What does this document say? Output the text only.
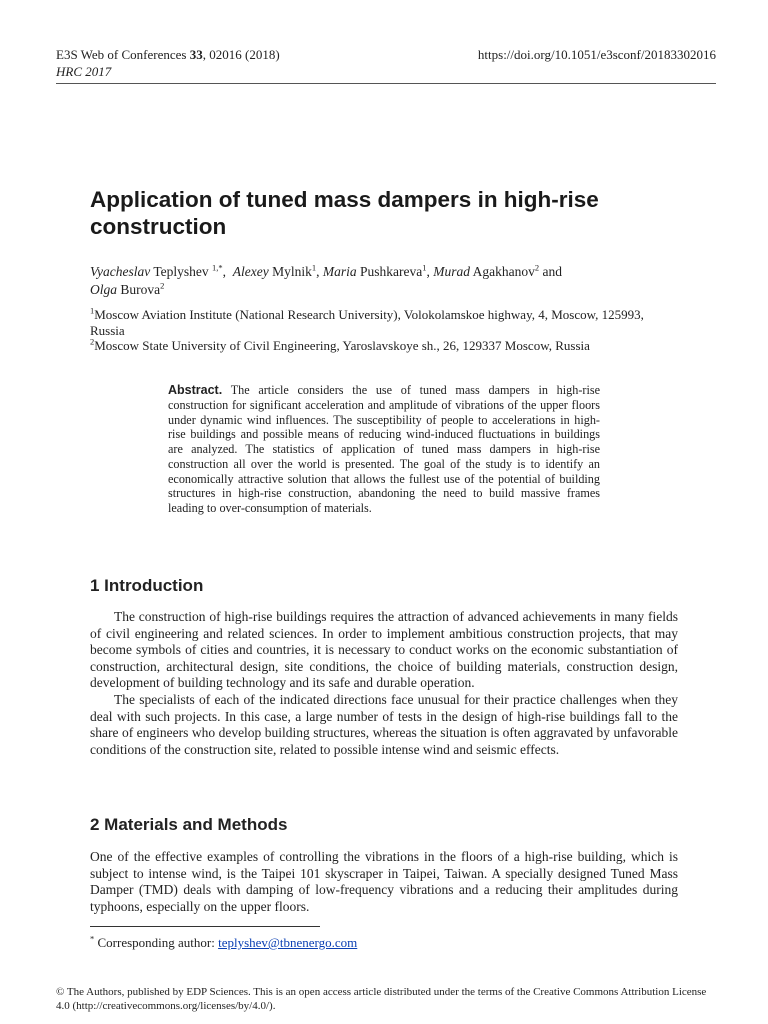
E3S Web of Conferences 33, 02016 (2018)	https://doi.org/10.1051/e3sconf/20183302016
HRC 2017
Application of tuned mass dampers in high-rise construction
Vyacheslav Teplyshev $^{1,*}$,  Alexey Mylnik$^1$, Maria Pushkareva$^1$, Murad Agakhanov$^2$ and
Olga Burova$^2$
$^1$Moscow Aviation Institute (National Research University), Volokolamskoe highway, 4, Moscow, 125993, Russia
$^2$Moscow State University of Civil Engineering, Yaroslavskoye sh., 26, 129337 Moscow, Russia
Abstract. The article considers the use of tuned mass dampers in high-rise construction for significant acceleration and amplitude of vibrations of the upper floors under dynamic wind influences. The susceptibility of people to accelerations in high-rise buildings and possible means of reducing wind-induced fluctuations in buildings are analyzed. The statistics of application of tuned mass dampers in high-rise construction all over the world is presented. The goal of the study is to identify an economically attractive solution that allows the fullest use of the potential of building structures in high-rise construction, abandoning the need to build massive frames leading to over-consumption of materials.
1 Introduction

The construction of high-rise buildings requires the attraction of advanced achievements in many fields of civil engineering and related sciences. In order to implement ambitious construction projects, that may become symbols of cities and countries, it is necessary to conduct works on the economic substantiation of construction, architectural design, site conditions, the choice of building materials, construction design, development of building technology and its safe and durable operation.

The specialists of each of the indicated directions face unusual for their practice challenges when they deal with such projects. In this case, a large number of tests in the design of high-rise buildings fall to the share of engineers who develop building structures, whereas the situation is often aggravated by unfavorable conditions of the construction site, related to possible intense wind and seismic effects.

2 Materials and Methods

One of the effective examples of controlling the vibrations in the floors of a high-rise building, which is subject to intense wind, is the Taipei 101 skyscraper in Taipei, Taiwan. A specially designed Tuned Mass Damper (TMD) deals with damping of low-frequency vibrations and a reducing their amplitudes during typhoons, especially on the upper floors.

* Corresponding author: teplyshev@tbnenergo.com
© The Authors, published by EDP Sciences. This is an open access article distributed under the terms of the Creative Commons Attribution License 4.0 (http://creativecommons.org/licenses/by/4.0/).
